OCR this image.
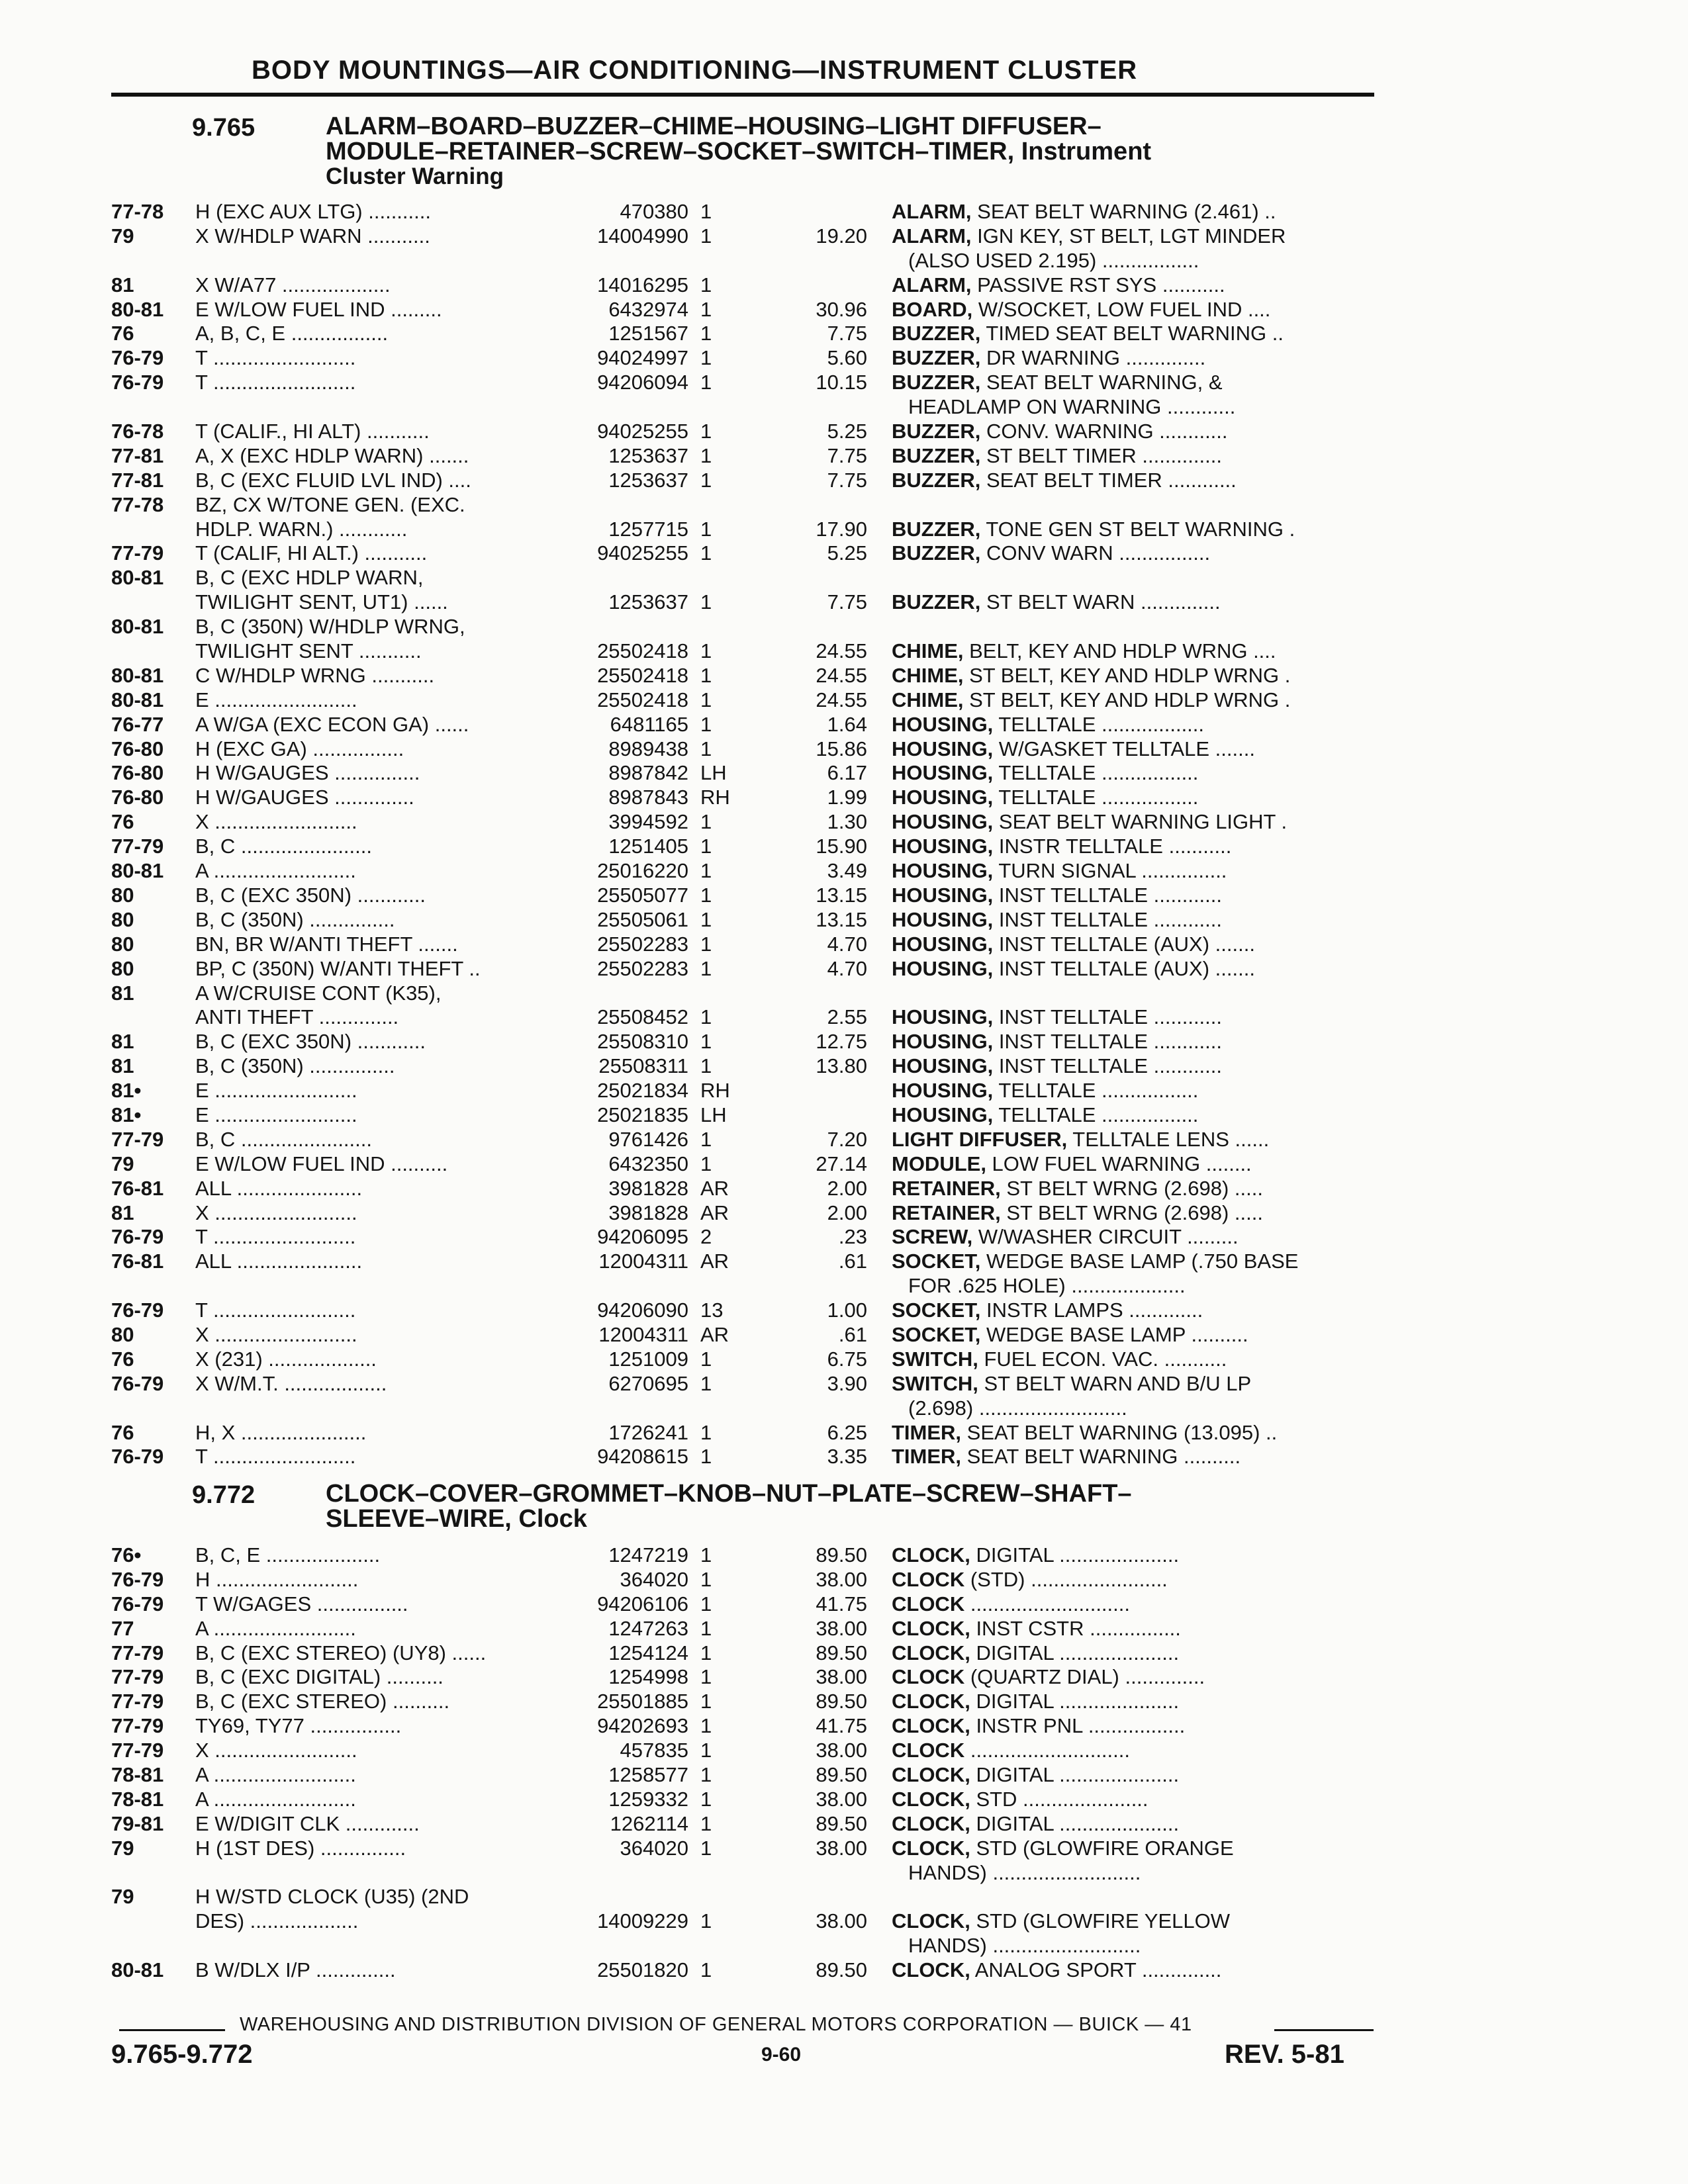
BODY MOUNTINGS—AIR CONDITIONING—INSTRUMENT CLUSTER
9.765	ALARM–BOARD–BUZZER–CHIME–HOUSING–LIGHT DIFFUSER–
MODULE–RETAINER–SCREW–SOCKET–SWITCH–TIMER, Instrument
Cluster Warning
77-78 H (EXC AUX LTG) ...........	470380 1	ALARM, SEAT BELT WARNING (2.461) ..
79	X W/HDLP WARN ...........	14004990 1	19.20 ALARM, IGN KEY, ST BELT, LGT MINDER
(ALSO USED 2.195) .................
81	X W/A77 ...................	14016295 1	ALARM, PASSIVE RST SYS ...........
80-81 E W/LOW FUEL IND .........	6432974 1	30.96 BOARD, W/SOCKET, LOW FUEL IND ....
76	A, B, C, E .................	1251567 1	7.75 BUZZER, TIMED SEAT BELT WARNING ..
76-79 T .........................	94024997 1	5.60 BUZZER, DR WARNING ..............
76-79 T .........................	94206094 1	10.15 BUZZER, SEAT BELT WARNING, &
HEADLAMP ON WARNING ............
76-78 T (CALIF., HI ALT) ...........	94025255 1	5.25 BUZZER, CONV. WARNING ............
77-81 A, X (EXC HDLP WARN) .......	1253637 1	7.75 BUZZER, ST BELT TIMER ..............
77-81 B, C (EXC FLUID LVL IND) ....	1253637 1	7.75 BUZZER, SEAT BELT TIMER ............
77-78 BZ, CX W/TONE GEN. (EXC.
HDLP. WARN.) ............	1257715 1	17.90 BUZZER, TONE GEN ST BELT WARNING .
77-79 T (CALIF, HI ALT.) ...........	94025255 1	5.25 BUZZER, CONV WARN ................
80-81 B, C (EXC HDLP WARN,
TWILIGHT SENT, UT1) ......	1253637 1	7.75 BUZZER, ST BELT WARN ..............
80-81 B, C (350N) W/HDLP WRNG,
TWILIGHT SENT ...........	25502418 1	24.55 CHIME, BELT, KEY AND HDLP WRNG ....
80-81 C W/HDLP WRNG ...........	25502418 1	24.55 CHIME, ST BELT, KEY AND HDLP WRNG .
80-81 E .........................	25502418 1	24.55 CHIME, ST BELT, KEY AND HDLP WRNG .
76-77 A W/GA (EXC ECON GA) ......	6481165 1	1.64 HOUSING, TELLTALE ..................
76-80 H (EXC GA) ................	8989438 1	15.86 HOUSING, W/GASKET TELLTALE .......
76-80 H W/GAUGES ...............	8987842 LH	6.17 HOUSING, TELLTALE .................
76-80 H W/GAUGES ..............	8987843 RH	1.99 HOUSING, TELLTALE .................
76	X .........................	3994592 1	1.30 HOUSING, SEAT BELT WARNING LIGHT .
77-79 B, C .......................	1251405 1	15.90 HOUSING, INSTR TELLTALE ...........
80-81 A .........................	25016220 1	3.49 HOUSING, TURN SIGNAL ...............
80	B, C (EXC 350N) ............	25505077 1	13.15 HOUSING, INST TELLTALE ............
80	B, C (350N) ...............	25505061 1	13.15 HOUSING, INST TELLTALE ............
80	BN, BR W/ANTI THEFT .......	25502283 1	4.70 HOUSING, INST TELLTALE (AUX) .......
80	BP, C (350N) W/ANTI THEFT ..	25502283 1	4.70 HOUSING, INST TELLTALE (AUX) .......
81	A W/CRUISE CONT (K35),
ANTI THEFT ..............	25508452 1	2.55 HOUSING, INST TELLTALE ............
81	B, C (EXC 350N) ............	25508310 1	12.75 HOUSING, INST TELLTALE ............
81	B, C (350N) ...............	25508311 1	13.80 HOUSING, INST TELLTALE ............
81•	E .........................	25021834 RH	HOUSING, TELLTALE .................
81•	E .........................	25021835 LH	HOUSING, TELLTALE .................
77-79 B, C .......................	9761426 1	7.20 LIGHT DIFFUSER, TELLTALE LENS ......
79	E W/LOW FUEL IND ..........	6432350 1	27.14 MODULE, LOW FUEL WARNING ........
76-81 ALL ......................	3981828 AR	2.00 RETAINER, ST BELT WRNG (2.698) .....
81	X .........................	3981828 AR	2.00 RETAINER, ST BELT WRNG (2.698) .....
76-79 T .........................	94206095 2	.23 SCREW, W/WASHER CIRCUIT .........
76-81 ALL ......................	12004311 AR	.61 SOCKET, WEDGE BASE LAMP (.750 BASE
FOR .625 HOLE) ....................
76-79 T .........................	94206090 13	1.00 SOCKET, INSTR LAMPS .............
80	X .........................	12004311 AR	.61 SOCKET, WEDGE BASE LAMP ..........
76	X (231) ...................	1251009 1	6.75 SWITCH, FUEL ECON. VAC. ...........
76-79 X W/M.T. ..................	6270695 1	3.90 SWITCH, ST BELT WARN AND B/U LP
(2.698) ..........................
76	H, X ......................	1726241 1	6.25 TIMER, SEAT BELT WARNING (13.095) ..
76-79 T .........................	94208615 1	3.35 TIMER, SEAT BELT WARNING ..........
9.772	CLOCK–COVER–GROMMET–KNOB–NUT–PLATE–SCREW–SHAFT–
SLEEVE–WIRE, Clock
76•	B, C, E ....................	1247219 1	89.50 CLOCK, DIGITAL .....................
76-79 H .........................	364020 1	38.00 CLOCK (STD) ........................
76-79 T W/GAGES ................	94206106 1	41.75 CLOCK ............................
77	A .........................	1247263 1	38.00 CLOCK, INST CSTR ................
77-79 B, C (EXC STEREO) (UY8) ......	1254124 1	89.50 CLOCK, DIGITAL .....................
77-79 B, C (EXC DIGITAL) ..........	1254998 1	38.00 CLOCK (QUARTZ DIAL) ..............
77-79 B, C (EXC STEREO) ..........	25501885 1	89.50 CLOCK, DIGITAL .....................
77-79 TY69, TY77 ................	94202693 1	41.75 CLOCK, INSTR PNL .................
77-79 X .........................	457835 1	38.00 CLOCK ............................
78-81 A .........................	1258577 1	89.50 CLOCK, DIGITAL .....................
78-81 A .........................	1259332 1	38.00 CLOCK, STD ......................
79-81 E W/DIGIT CLK .............	1262114 1	89.50 CLOCK, DIGITAL .....................
79	H (1ST DES) ...............	364020 1	38.00 CLOCK, STD (GLOWFIRE ORANGE
HANDS) ..........................
79	H W/STD CLOCK (U35) (2ND
DES) ...................	14009229 1	38.00 CLOCK, STD (GLOWFIRE YELLOW
HANDS) ..........................
80-81 B W/DLX I/P ..............	25501820 1	89.50 CLOCK, ANALOG SPORT ..............
WAREHOUSING AND DISTRIBUTION DIVISION OF GENERAL MOTORS CORPORATION — BUICK — 41
9.765-9.772	9-60	REV. 5-81
